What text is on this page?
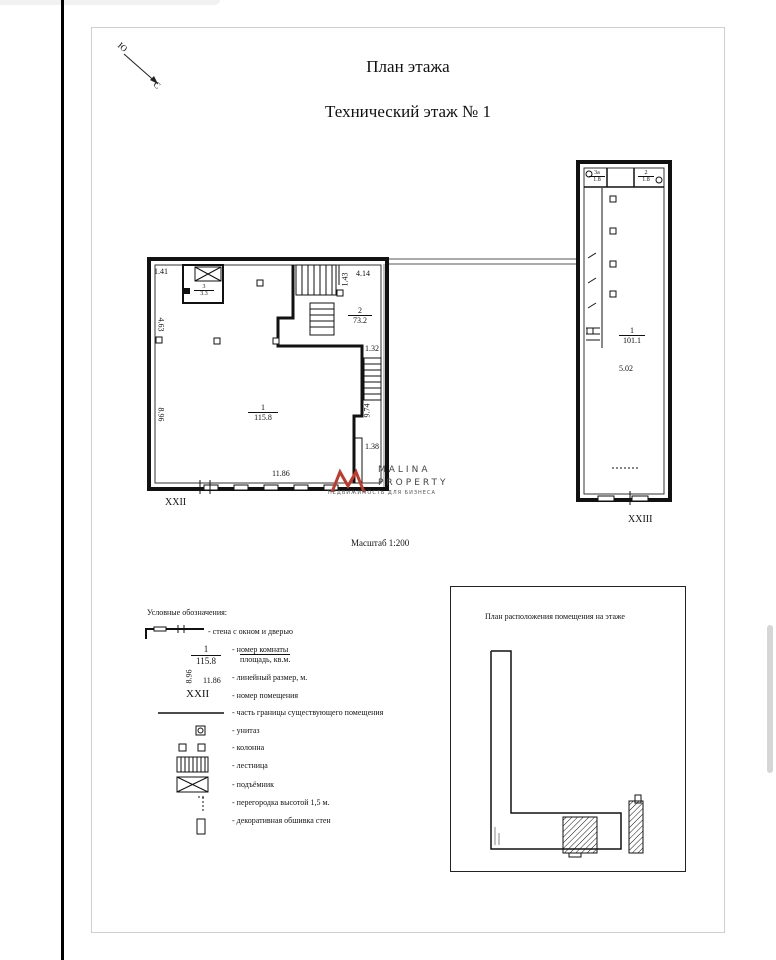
План этажа
Технический этаж № 1
Ю
С
1.41
4.63
8.96
11.86
1.43 4.14
1.32
9.74
1.38
1
115.8
2
73.2
3
3.3
XXII
3а
1.8
2
1.8
1
101.1
5.02
XXIII
MALINA
PROPERTY
НЕДВИЖИМОСТЬ ДЛЯ БИЗНЕСА
Масштаб 1:200
Условные обозначения:
- стена с окном и дверью
1
115.8
- номер комнаты
площадь, кв.м.
8.96 11.86 - линейный размер, м.
XXII	- номер помещения
- часть границы существующего помещения
- унитаз
- колонна
- лестница
- подъёмник
- перегородка высотой 1,5 м.
- декоративная обшивка стен
План расположения помещения на этаже
